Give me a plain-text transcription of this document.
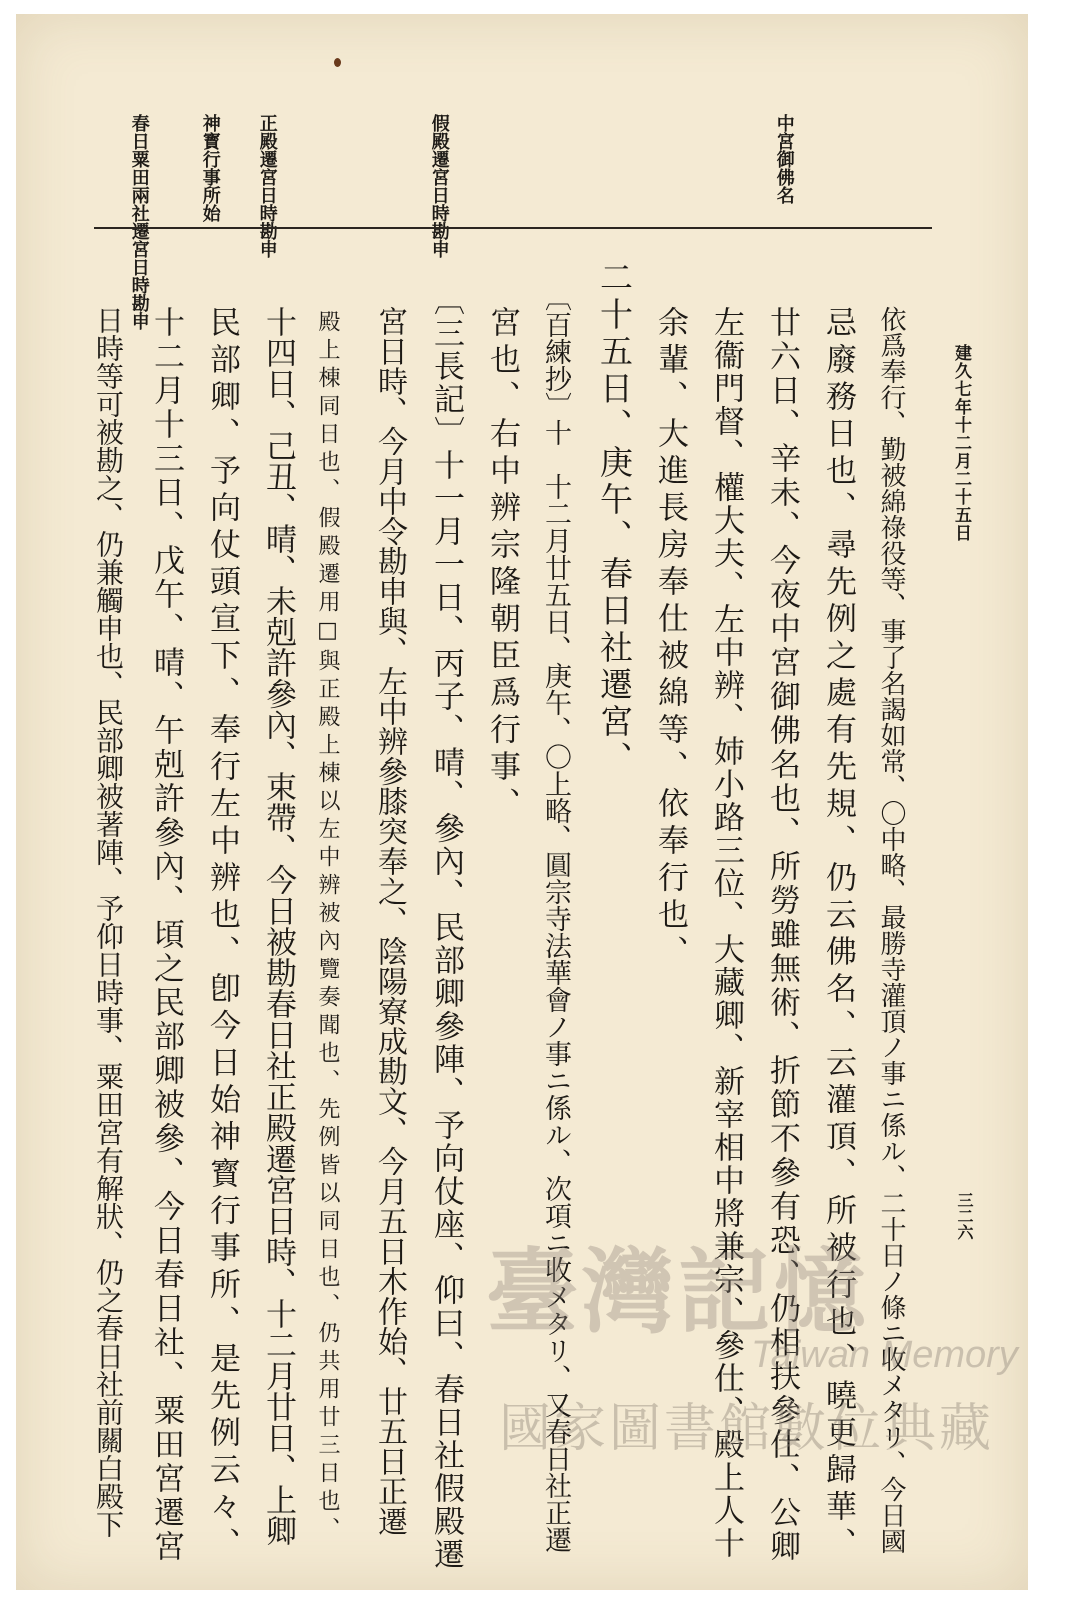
建久七年十二月二十五日
三二六
中宮御佛名
假殿遷宮日時勘申
正殿遷宮日時勘申
神寳行事所始
春日粟田兩社遷宮日時勘申
依爲奉行、勤被綿祿役等、事了名謁如常、〇中略、最勝寺灌頂ノ事ニ係ル、二十日ノ條ニ收メタリ、今日國
忌廢務日也、尋先例之處有先規、仍云佛名、云灌頂、所被行也、曉更歸華、
廿六日、辛未、今夜中宮御佛名也、所勞雖無術、折節不參有恐、仍相扶參仕、公卿
左衞門督、權大夫、左中辨、姉小路三位、大藏卿、新宰相中將兼宗、參仕、殿上人十
余輩、大進長房奉仕被綿等、依奉行也、
二十五日、庚午、春日社遷宮、
〔百練抄〕十　十二月廿五日、庚午、〇上略、圓宗寺法華會ノ事ニ係ル、次項ニ收メタリ、又春日社正遷
宮也、右中辨宗隆朝臣爲行事、
〔三長記〕十一月一日、丙子、晴、參內、民部卿參陣、予向仗座、仰曰、春日社假殿遷
宮日時、今月中令勘申與、左中辨參膝突奉之、陰陽寮成勘文、今月五日木作始、廿五日正遷
殿上棟同日也、假殿遷用□與正殿上棟以左中辨被內覽奏聞也、先例皆以同日也、仍共用廿三日也、
十四日、己丑、晴、未剋許參內、束帶、今日被勘春日社正殿遷宮日時、十二月廿日、上卿
民部卿、予向仗頭宣下、奉行左中辨也、卽今日始神寳行事所、是先例云々、
十二月十三日、戊午、晴、午剋許參內、頃之民部卿被參、今日春日社、粟田宮遷宮
日時等可被勘之、仍兼觸申也、民部卿被著陣、予仰日時事、粟田宮有解狀、仍之春日社前關白殿下	臺灣記憶
Taiwan Memory
國家圖書館數位典藏
